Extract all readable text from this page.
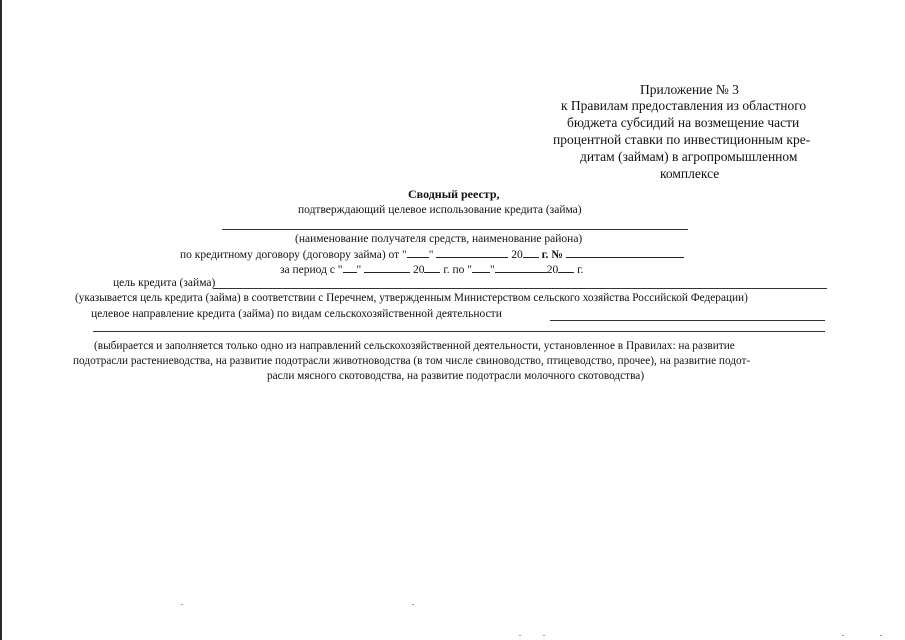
Приложение № 3
к Правилам предоставления из областного
бюджета субсидий на возмещение части
процентной ставки по инвестиционным кре-
дитам (займам) в агропромышленном
комплексе
Сводный реестр,
подтверждающий целевое использование кредита (займа)
(наименование получателя средств, наименование района)
по кредитному договору (договору займа) от " "	20 г. №
за период с " "	20 г. по " "	20 г.
цель кредита (займа)
(указывается цель кредита (займа) в соответствии с Перечнем, утвержденным Министерством сельского хозяйства Российской Федерации)
целевое направление кредита (займа) по видам сельскохозяйственной деятельности
(выбирается и заполняется только одно из направлений сельскохозяйственной деятельности, установленное в Правилах: на развитие
подотрасли растениеводства, на развитие подотрасли животноводства (в том числе свиноводство, птицеводство, прочее), на развитие подот-
расли мясного скотоводства, на развитие подотрасли молочного скотоводства)
